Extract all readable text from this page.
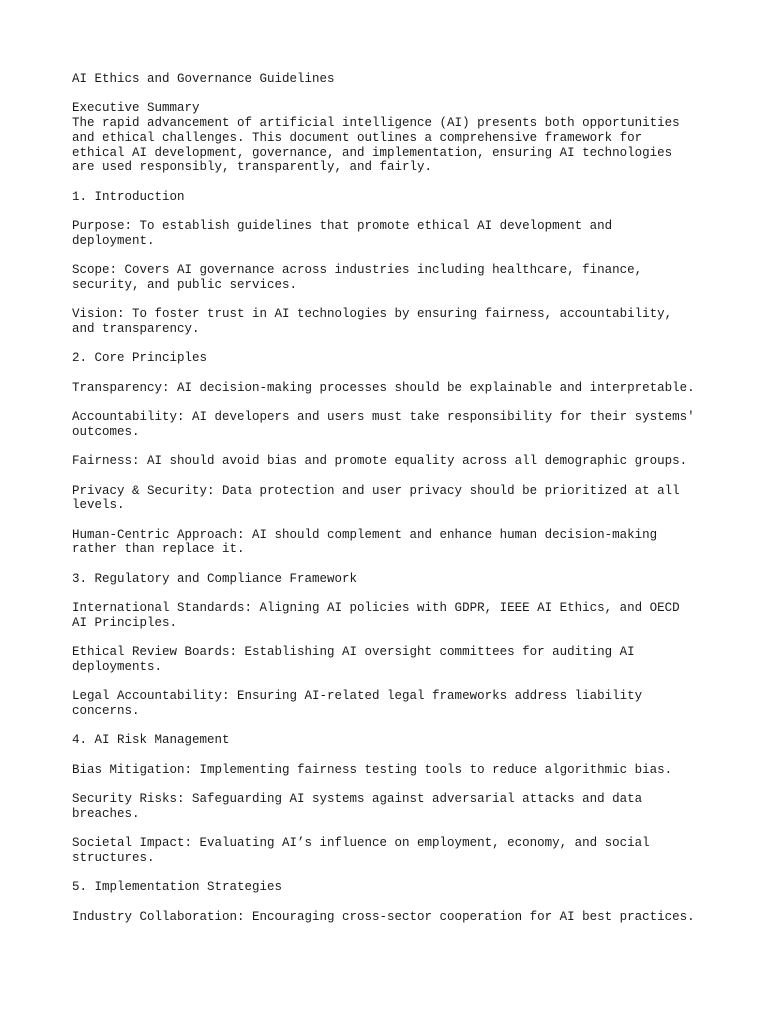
AI Ethics and Governance Guidelines
Executive Summary
The rapid advancement of artificial intelligence (AI) presents both opportunities
and ethical challenges. This document outlines a comprehensive framework for
ethical AI development, governance, and implementation, ensuring AI technologies
are used responsibly, transparently, and fairly.
1. Introduction
Purpose: To establish guidelines that promote ethical AI development and
deployment.
Scope: Covers AI governance across industries including healthcare, finance,
security, and public services.
Vision: To foster trust in AI technologies by ensuring fairness, accountability,
and transparency.
2. Core Principles
Transparency: AI decision-making processes should be explainable and interpretable.
Accountability: AI developers and users must take responsibility for their systems'
outcomes.
Fairness: AI should avoid bias and promote equality across all demographic groups.
Privacy & Security: Data protection and user privacy should be prioritized at all
levels.
Human-Centric Approach: AI should complement and enhance human decision-making
rather than replace it.
3. Regulatory and Compliance Framework
International Standards: Aligning AI policies with GDPR, IEEE AI Ethics, and OECD
AI Principles.
Ethical Review Boards: Establishing AI oversight committees for auditing AI
deployments.
Legal Accountability: Ensuring AI-related legal frameworks address liability
concerns.
4. AI Risk Management
Bias Mitigation: Implementing fairness testing tools to reduce algorithmic bias.
Security Risks: Safeguarding AI systems against adversarial attacks and data
breaches.
Societal Impact: Evaluating AI’s influence on employment, economy, and social
structures.
5. Implementation Strategies
Industry Collaboration: Encouraging cross-sector cooperation for AI best practices.
